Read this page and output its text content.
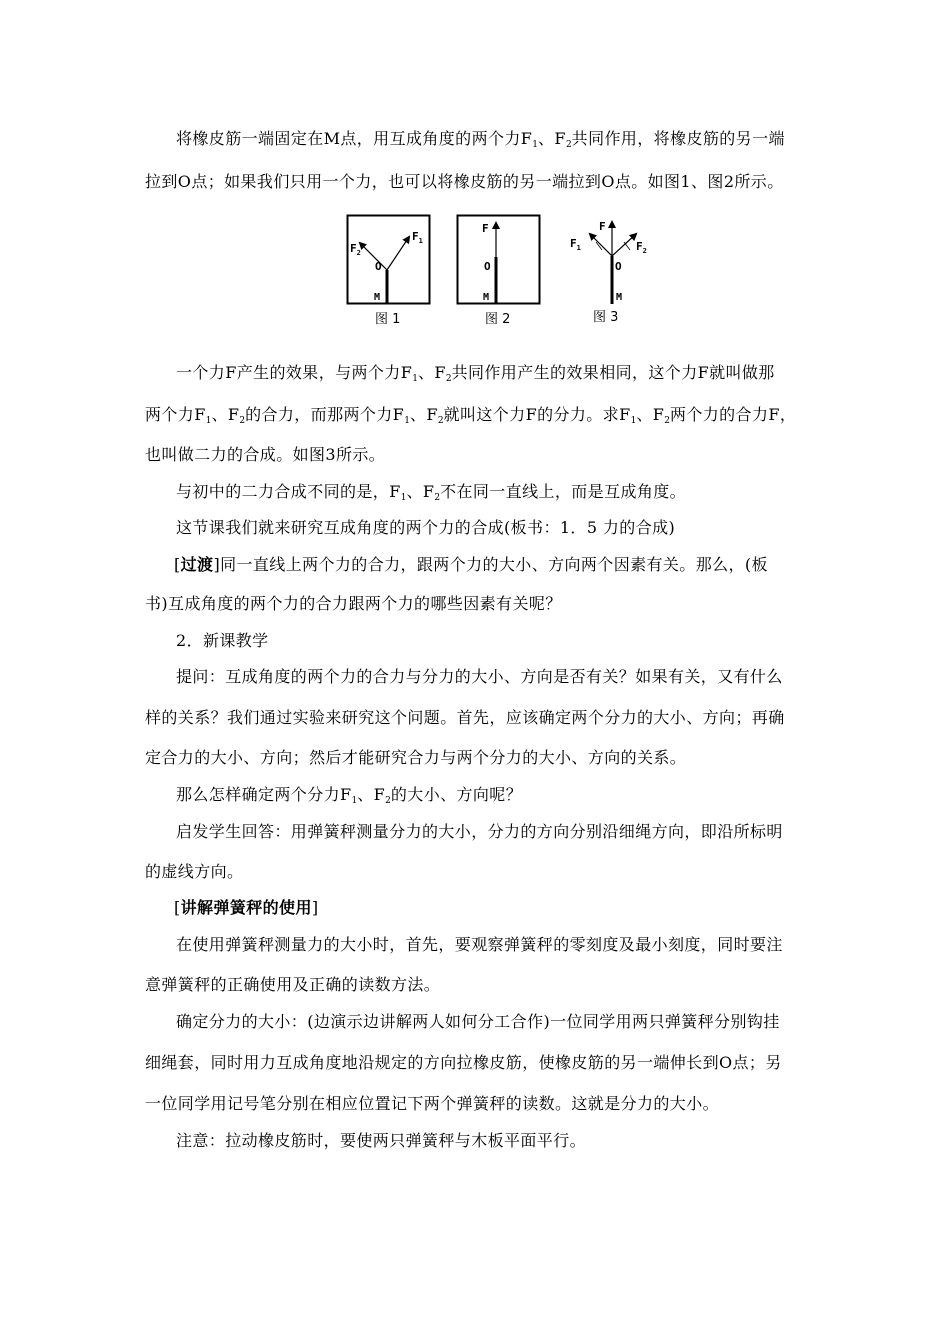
将橡皮筋一端固定在M点，用互成角度的两个力$F_1$、$F_2$共同作用，将橡皮筋的另一端
拉到O点；如果我们只用一个力，也可以将橡皮筋的另一端拉到O点。如图1、图2所示。
$F_1$
$F_2$
O
M
图 1
F
O
M
图 2
F
$F_1$	$F_2$
O
M
图 3
一个力F产生的效果，与两个力$F_1$、$F_2$共同作用产生的效果相同，这个力F就叫做那
两个力$F_1$、$F_2$的合力，而那两个力$F_1$、$F_2$就叫这个力F的分力。求$F_1$、$F_2$两个力的合力F，
也叫做二力的合成。如图3所示。
与初中的二力合成不同的是，$F_1$、$F_2$不在同一直线上，而是互成角度。
这节课我们就来研究互成角度的两个力的合成(板书：1．5 力的合成)
[过渡]同一直线上两个力的合力，跟两个力的大小、方向两个因素有关。那么，(板
书)互成角度的两个力的合力跟两个力的哪些因素有关呢？
2．新课教学
提问：互成角度的两个力的合力与分力的大小、方向是否有关？如果有关，又有什么
样的关系？我们通过实验来研究这个问题。首先，应该确定两个分力的大小、方向；再确
定合力的大小、方向；然后才能研究合力与两个分力的大小、方向的关系。
那么怎样确定两个分力$F_1$、$F_2$的大小、方向呢？
启发学生回答：用弹簧秤测量分力的大小，分力的方向分别沿细绳方向，即沿所标明
的虚线方向。
[讲解弹簧秤的使用]
在使用弹簧秤测量力的大小时，首先，要观察弹簧秤的零刻度及最小刻度，同时要注
意弹簧秤的正确使用及正确的读数方法。
确定分力的大小：(边演示边讲解两人如何分工合作)一位同学用两只弹簧秤分别钩挂
细绳套，同时用力互成角度地沿规定的方向拉橡皮筋，使橡皮筋的另一端伸长到O点；另
一位同学用记号笔分别在相应位置记下两个弹簧秤的读数。这就是分力的大小。
注意：拉动橡皮筋时，要使两只弹簧秤与木板平面平行。
